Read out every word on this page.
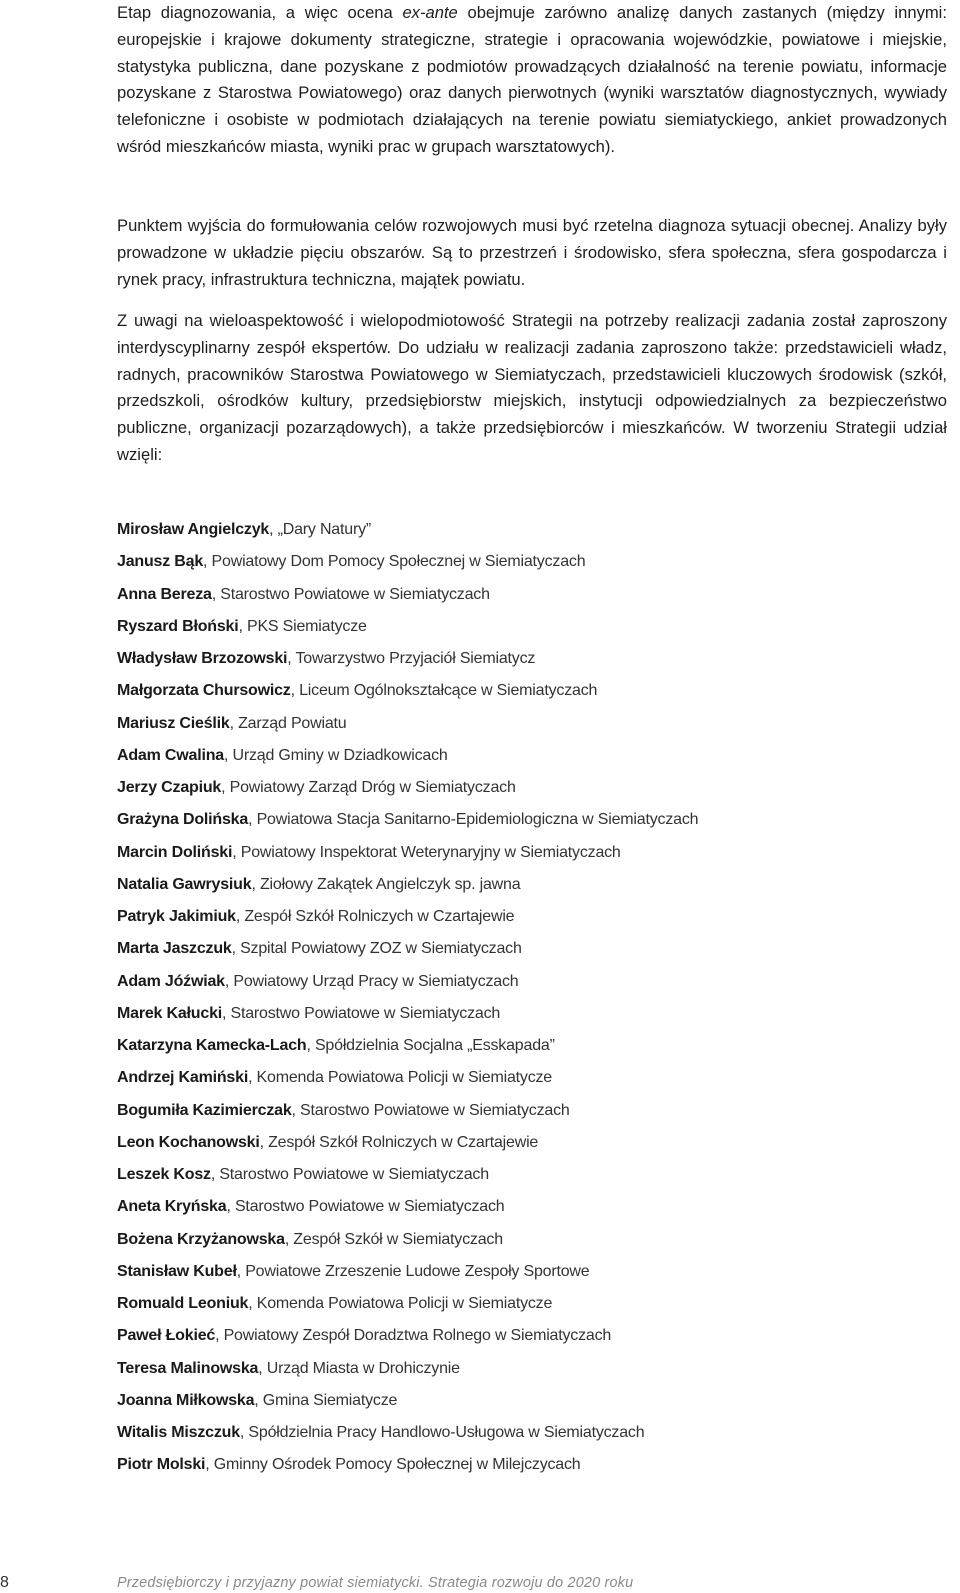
Etap diagnozowania, a więc ocena ex-ante obejmuje zarówno analizę danych zastanych (między innymi: europejskie i krajowe dokumenty strategiczne, strategie i opracowania wojewódzkie, powiatowe i miejskie, statystyka publiczna, dane pozyskane z podmiotów prowadzących działalność na terenie powiatu, informacje pozyskane z Starostwa Powiatowego) oraz danych pierwotnych (wyniki warsztatów diagnostycznych, wywiady telefoniczne i osobiste w podmiotach działających na terenie powiatu siemiatyckiego, ankiet prowadzonych wśród mieszkańców miasta, wyniki prac w grupach warsztatowych).

Punktem wyjścia do formułowania celów rozwojowych musi być rzetelna diagnoza sytuacji obecnej. Analizy były prowadzone w układzie pięciu obszarów. Są to przestrzeń i środowisko, sfera społeczna, sfera gospodarcza i rynek pracy, infrastruktura techniczna, majątek powiatu.

Z uwagi na wieloaspektowość i wielopodmiotowość Strategii na potrzeby realizacji zadania został zaproszony interdyscyplinarny zespół ekspertów. Do udziału w realizacji zadania zaproszono także: przedstawicieli władz, radnych, pracowników Starostwa Powiatowego w Siemiatyczach, przedstawicieli kluczowych środowisk (szkół, przedszkoli, ośrodków kultury, przedsiębiorstw miejskich, instytucji odpowiedzialnych za bezpieczeństwo publiczne, organizacji pozarządowych), a także przedsiębiorców i mieszkańców. W tworzeniu Strategii udział wzięli:

Mirosław Angielczyk, „Dary Natury”
Janusz Bąk, Powiatowy Dom Pomocy Społecznej w Siemiatyczach
Anna Bereza, Starostwo Powiatowe w Siemiatyczach
Ryszard Błoński, PKS Siemiatycze
Władysław Brzozowski, Towarzystwo Przyjaciół Siemiatycz
Małgorzata Chursowicz, Liceum Ogólnokształcące w Siemiatyczach
Mariusz Cieślik, Zarząd Powiatu
Adam Cwalina, Urząd Gminy w Dziadkowicach
Jerzy Czapiuk, Powiatowy Zarząd Dróg w Siemiatyczach
Grażyna Dolińska, Powiatowa Stacja Sanitarno-Epidemiologiczna w Siemiatyczach
Marcin Doliński, Powiatowy Inspektorat Weterynaryjny w Siemiatyczach
Natalia Gawrysiuk, Ziołowy Zakątek Angielczyk sp. jawna
Patryk Jakimiuk, Zespół Szkół Rolniczych w Czartajewie
Marta Jaszczuk, Szpital Powiatowy ZOZ w Siemiatyczach
Adam Jóźwiak, Powiatowy Urząd Pracy w Siemiatyczach
Marek Kałucki, Starostwo Powiatowe w Siemiatyczach
Katarzyna Kamecka-Lach, Spółdzielnia Socjalna „Esskapada”
Andrzej Kamiński, Komenda Powiatowa Policji w Siemiatycze
Bogumiła Kazimierczak, Starostwo Powiatowe w Siemiatyczach
Leon Kochanowski, Zespół Szkół Rolniczych w Czartajewie
Leszek Kosz, Starostwo Powiatowe w Siemiatyczach
Aneta Kryńska, Starostwo Powiatowe w Siemiatyczach
Bożena Krzyżanowska, Zespół Szkół w Siemiatyczach
Stanisław Kubeł, Powiatowe Zrzeszenie Ludowe Zespoły Sportowe
Romuald Leoniuk, Komenda Powiatowa Policji w Siemiatycze
Paweł Łokieć, Powiatowy Zespół Doradztwa Rolnego w Siemiatyczach
Teresa Malinowska, Urząd Miasta w Drohiczynie
Joanna Miłkowska, Gmina Siemiatycze
Witalis Miszczuk, Spółdzielnia Pracy Handlowo-Usługowa w Siemiatyczach
Piotr Molski, Gminny Ośrodek Pomocy Społecznej w Milejczycach
8	Przedsiębiorczy i przyjazny powiat siemiatycki. Strategia rozwoju do 2020 roku
